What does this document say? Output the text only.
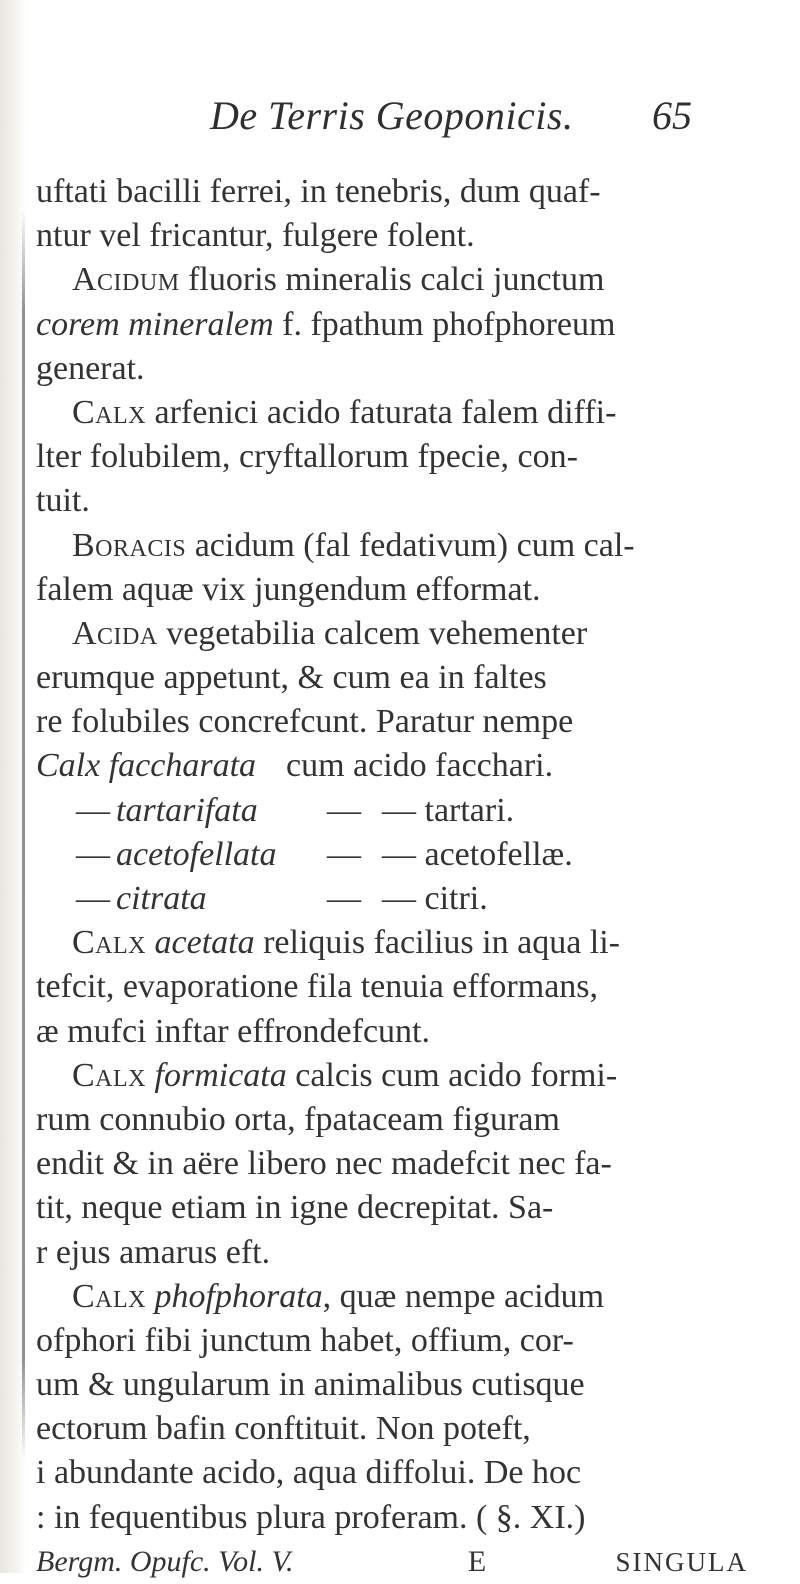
De Terris Geoponicis. 65
uftati bacilli ferrei, in tenebris, dum quaf-
ntur vel fricantur, fulgere folent.
Acidum fluoris mineralis calci junctum
corem mineralem f. fpathum phofphoreum
generat.
Calx arfenici acido faturata falem diffi-
lter folubilem, cryftallorum fpecie, con-
tuit.
Boracis acidum (fal fedativum) cum cal-
falem aquæ vix jungendum efformat.
Acida vegetabilia calcem vehementer
erumque appetunt, & cum ea in faltes
re folubiles concrefcunt. Paratur nempe
Calx faccharata cum acido facchari.
— tartarifata — — tartari.
— acetofellata — — acetofellæ.
— citrata	— — citri.
Calx acetata reliquis facilius in aqua li-
tefcit, evaporatione fila tenuia efformans,
æ mufci inftar effrondefcunt.
Calx formicata calcis cum acido formi-
rum connubio orta, fpataceam figuram
endit & in aëre libero nec madefcit nec fa-
tit, neque etiam in igne decrepitat. Sa-
r ejus amarus eft.
Calx phofphorata, quæ nempe acidum
ofphori fibi junctum habet, offium, cor-
um & ungularum in animalibus cutisque
ectorum bafin conftituit. Non poteft,
i abundante acido, aqua diffolui. De hoc
: in fequentibus plura proferam. ( §. XI.)
Bergm. Opufc. Vol. V.	E	SINGULA
